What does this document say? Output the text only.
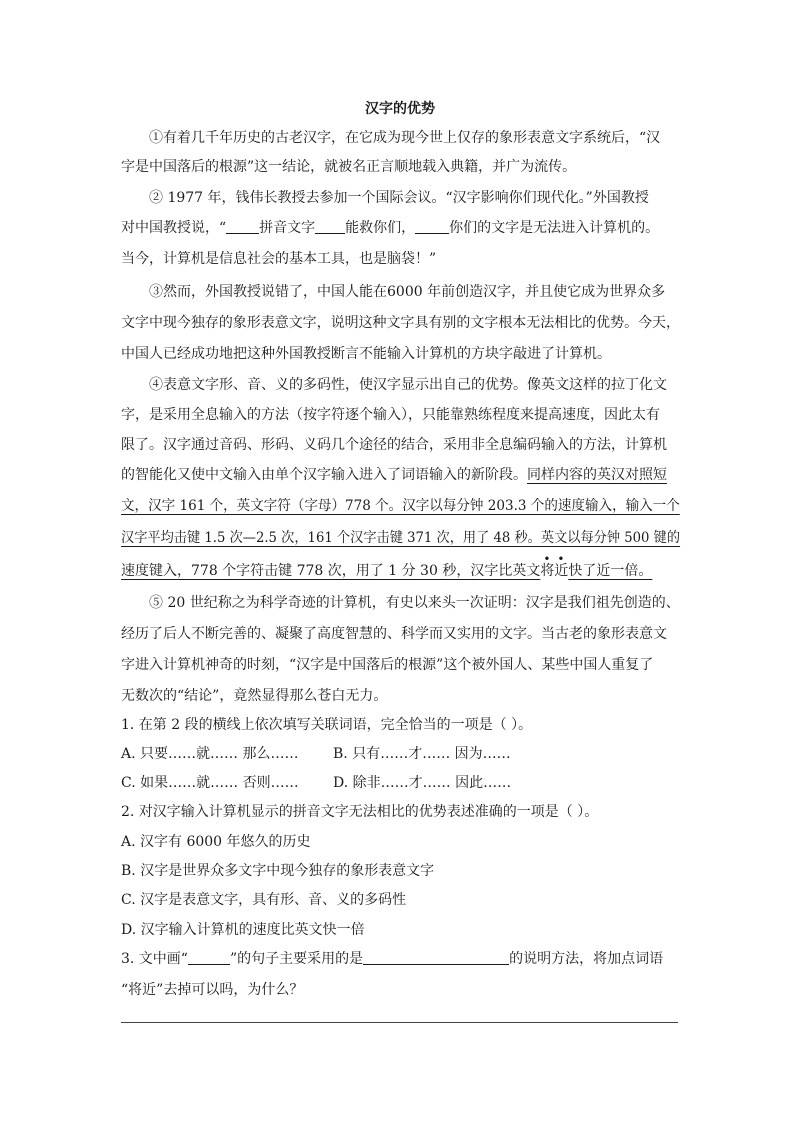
汉字的优势
①有着几千年历史的古老汉字，在它成为现今世上仅存的象形表意文字系统后，“汉
字是中国落后的根源”这一结论，就被名正言顺地载入典籍，并广为流传。
② 1977 年，钱伟长教授去参加一个国际会议。“汉字影响你们现代化。”外国教授
对中国教授说，“ 拼音文字 能救你们， 你们的文字是无法进入计算机的。
当今，计算机是信息社会的基本工具，也是脑袋！”
③然而，外国教授说错了，中国人能在6000 年前创造汉字，并且使它成为世界众多
文字中现今独存的象形表意文字，说明这种文字具有别的文字根本无法相比的优势。今天，
中国人已经成功地把这种外国教授断言不能输入计算机的方块字敲进了计算机。
④表意文字形、音、义的多码性，使汉字显示出自己的优势。像英文这样的拉丁化文
字，是采用全息输入的方法（按字符逐个输入），只能靠熟练程度来提高速度，因此太有
限了。汉字通过音码、形码、义码几个途径的结合，采用非全息编码输入的方法，计算机
的智能化又使中文输入由单个汉字输入进入了词语输入的新阶段。同样内容的英汉对照短
文，汉字 161 个，英文字符（字母）778 个。汉字以每分钟 203.3 个的速度输入，输入一个
汉字平均击键 1.5 次—2.5 次，161 个汉字击键 371 次，用了 48 秒。英文以每分钟 500 键的
速度键入，778 个字符击键 778 次，用了 1 分 30 秒，汉字比英文
• •
将近快了近一倍。
⑤ 20 世纪称之为科学奇迹的计算机，有史以来头一次证明：汉字是我们祖先创造的、
经历了后人不断完善的、凝聚了高度智慧的、科学而又实用的文字。当古老的象形表意文
字进入计算机神奇的时刻，“汉字是中国落后的根源”这个被外国人、某些中国人重复了
无数次的“结论”，竟然显得那么苍白无力。
1. 在第 2 段的横线上依次填写关联词语，完全恰当的一项是（ ）。
A. 只要……就…… 那么…… B. 只有……才…… 因为……
C. 如果……就…… 否则…… D. 除非……才…… 因此……
2. 对汉字输入计算机显示的拼音文字无法相比的优势表述准确的一项是（ ）。
A. 汉字有 6000 年悠久的历史
B. 汉字是世界众多文字中现今独存的象形表意文字
C. 汉字是表意文字，具有形、音、义的多码性
D. 汉字输入计算机的速度比英文快一倍
3. 文中画“	”的句子主要采用的是	的说明方法，将加点词语
“将近”去掉可以吗，为什么？
